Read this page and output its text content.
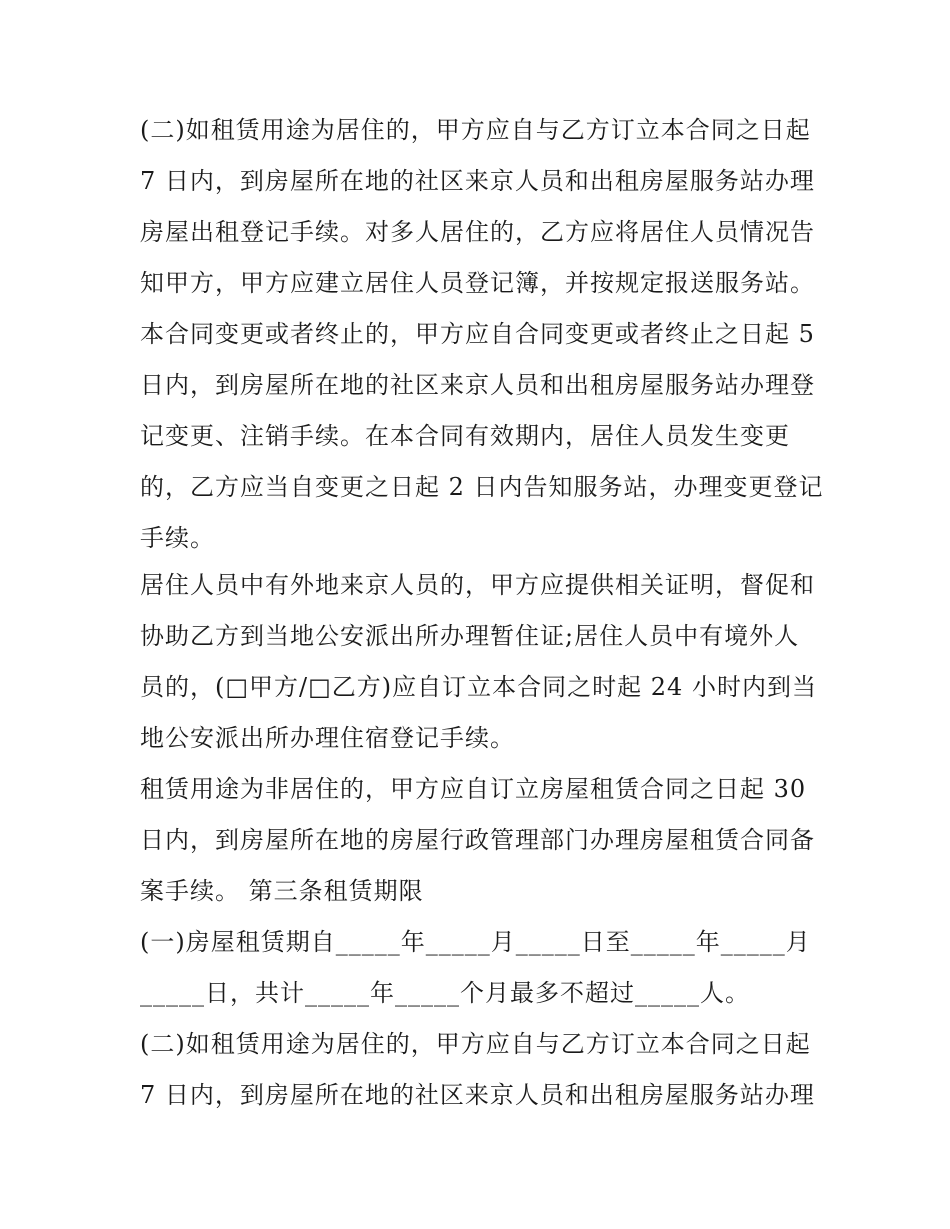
(二)如租赁用途为居住的，甲方应自与乙方订立本合同之日起
7 日内，到房屋所在地的社区来京人员和出租房屋服务站办理
房屋出租登记手续。对多人居住的，乙方应将居住人员情况告
知甲方，甲方应建立居住人员登记簿，并按规定报送服务站。
本合同变更或者终止的，甲方应自合同变更或者终止之日起 5
日内，到房屋所在地的社区来京人员和出租房屋服务站办理登
记变更、注销手续。在本合同有效期内，居住人员发生变更
的，乙方应当自变更之日起 2 日内告知服务站，办理变更登记
手续。
居住人员中有外地来京人员的，甲方应提供相关证明，督促和
协助乙方到当地公安派出所办理暂住证;居住人员中有境外人
员的，(□甲方/□乙方)应自订立本合同之时起 24 小时内到当
地公安派出所办理住宿登记手续。
租赁用途为非居住的，甲方应自订立房屋租赁合同之日起 30
日内，到房屋所在地的房屋行政管理部门办理房屋租赁合同备
案手续。 第三条租赁期限
(一)房屋租赁期自_____年_____月_____日至_____年_____月
_____日，共计_____年_____个月最多不超过_____人。
(二)如租赁用途为居住的，甲方应自与乙方订立本合同之日起
7 日内，到房屋所在地的社区来京人员和出租房屋服务站办理
